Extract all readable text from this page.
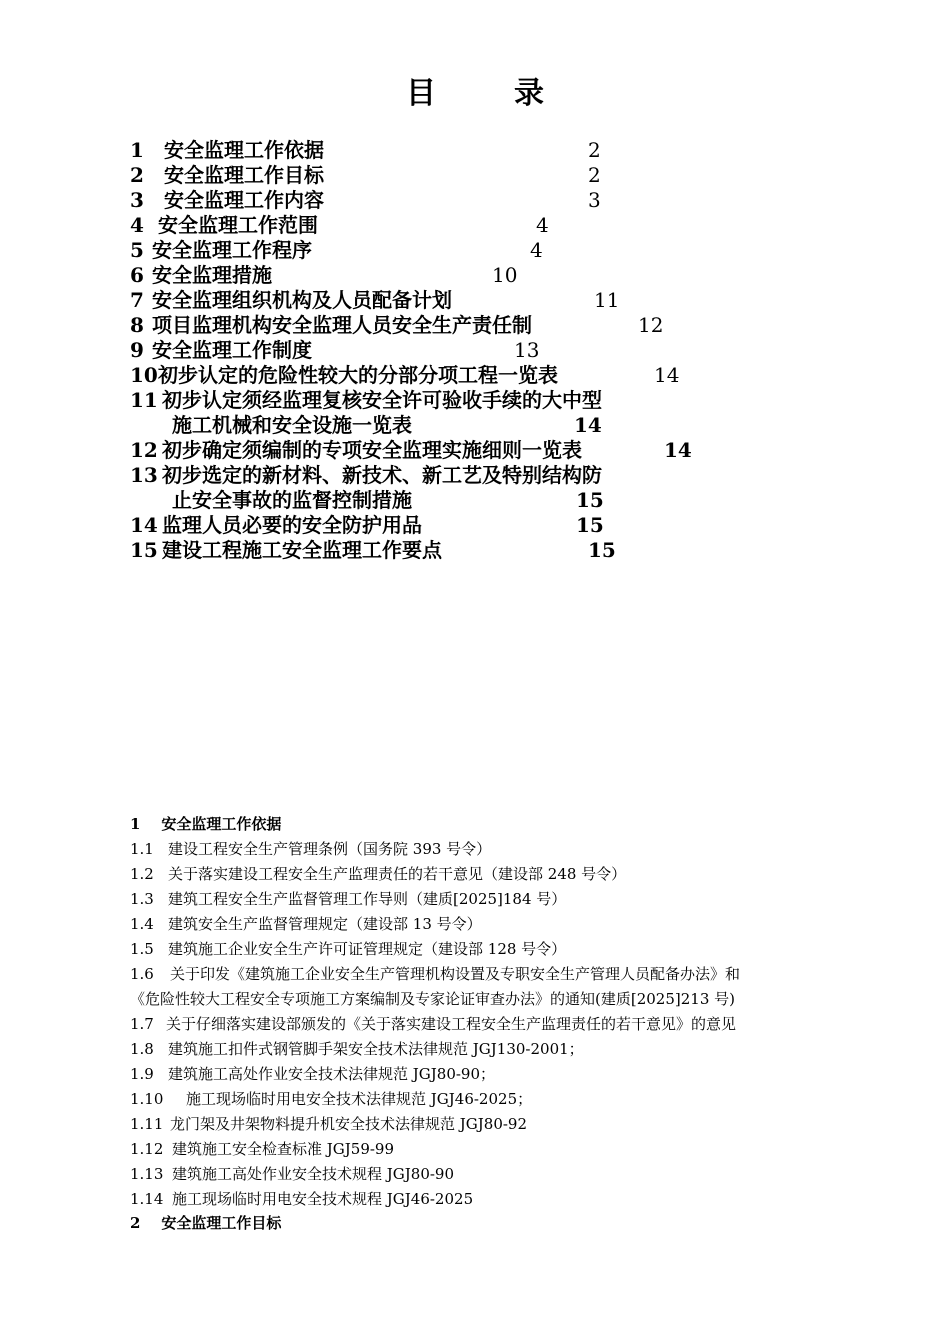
目	录
1 安全监理工作依据	2
2 安全监理工作目标	2
3 安全监理工作内容	3
4 安全监理工作范围	4
5 安全监理工作程序	4
6 安全监理措施	10
7 安全监理组织机构及人员配备计划	11
8 项目监理机构安全监理人员安全生产责任制	12
9 安全监理工作制度	13
10 初步认定的危险性较大的分部分项工程一览表	14
11 初步认定须经监理复核安全许可验收手续的大中型
施工机械和安全设施一览表	14
12 初步确定须编制的专项安全监理实施细则一览表	14
13 初步选定的新材料、新技术、新工艺及特别结构防
止安全事故的监督控制措施	15
14 监理人员必要的安全防护用品	15
15 建设工程施工安全监理工作要点	15
1 安全监理工作依据
1.1 建设工程安全生产管理条例（国务院 393 号令）
1.2 关于落实建设工程安全生产监理责任的若干意见（建设部 248 号令）
1.3 建筑工程安全生产监督管理工作导则（建质[2025]184 号）
1.4 建筑安全生产监督管理规定（建设部 13 号令）
1.5 建筑施工企业安全生产许可证管理规定（建设部 128 号令）
1.6 关于印发《建筑施工企业安全生产管理机构设置及专职安全生产管理人员配备办法》和
《危险性较大工程安全专项施工方案编制及专家论证审查办法》的通知(建质[2025]213 号)
1.7 关于仔细落实建设部颁发的《关于落实建设工程安全生产监理责任的若干意见》的意见
1.8 建筑施工扣件式钢管脚手架安全技术法律规范 JGJ130-2001；
1.9 建筑施工高处作业安全技术法律规范 JGJ80-90；
1.10 施工现场临时用电安全技术法律规范 JGJ46-2025；
1.11 龙门架及井架物料提升机安全技术法律规范 JGJ80-92
1.12 建筑施工安全检查标准 JGJ59-99
1.13 建筑施工高处作业安全技术规程 JGJ80-90
1.14 施工现场临时用电安全技术规程 JGJ46-2025
2 安全监理工作目标
